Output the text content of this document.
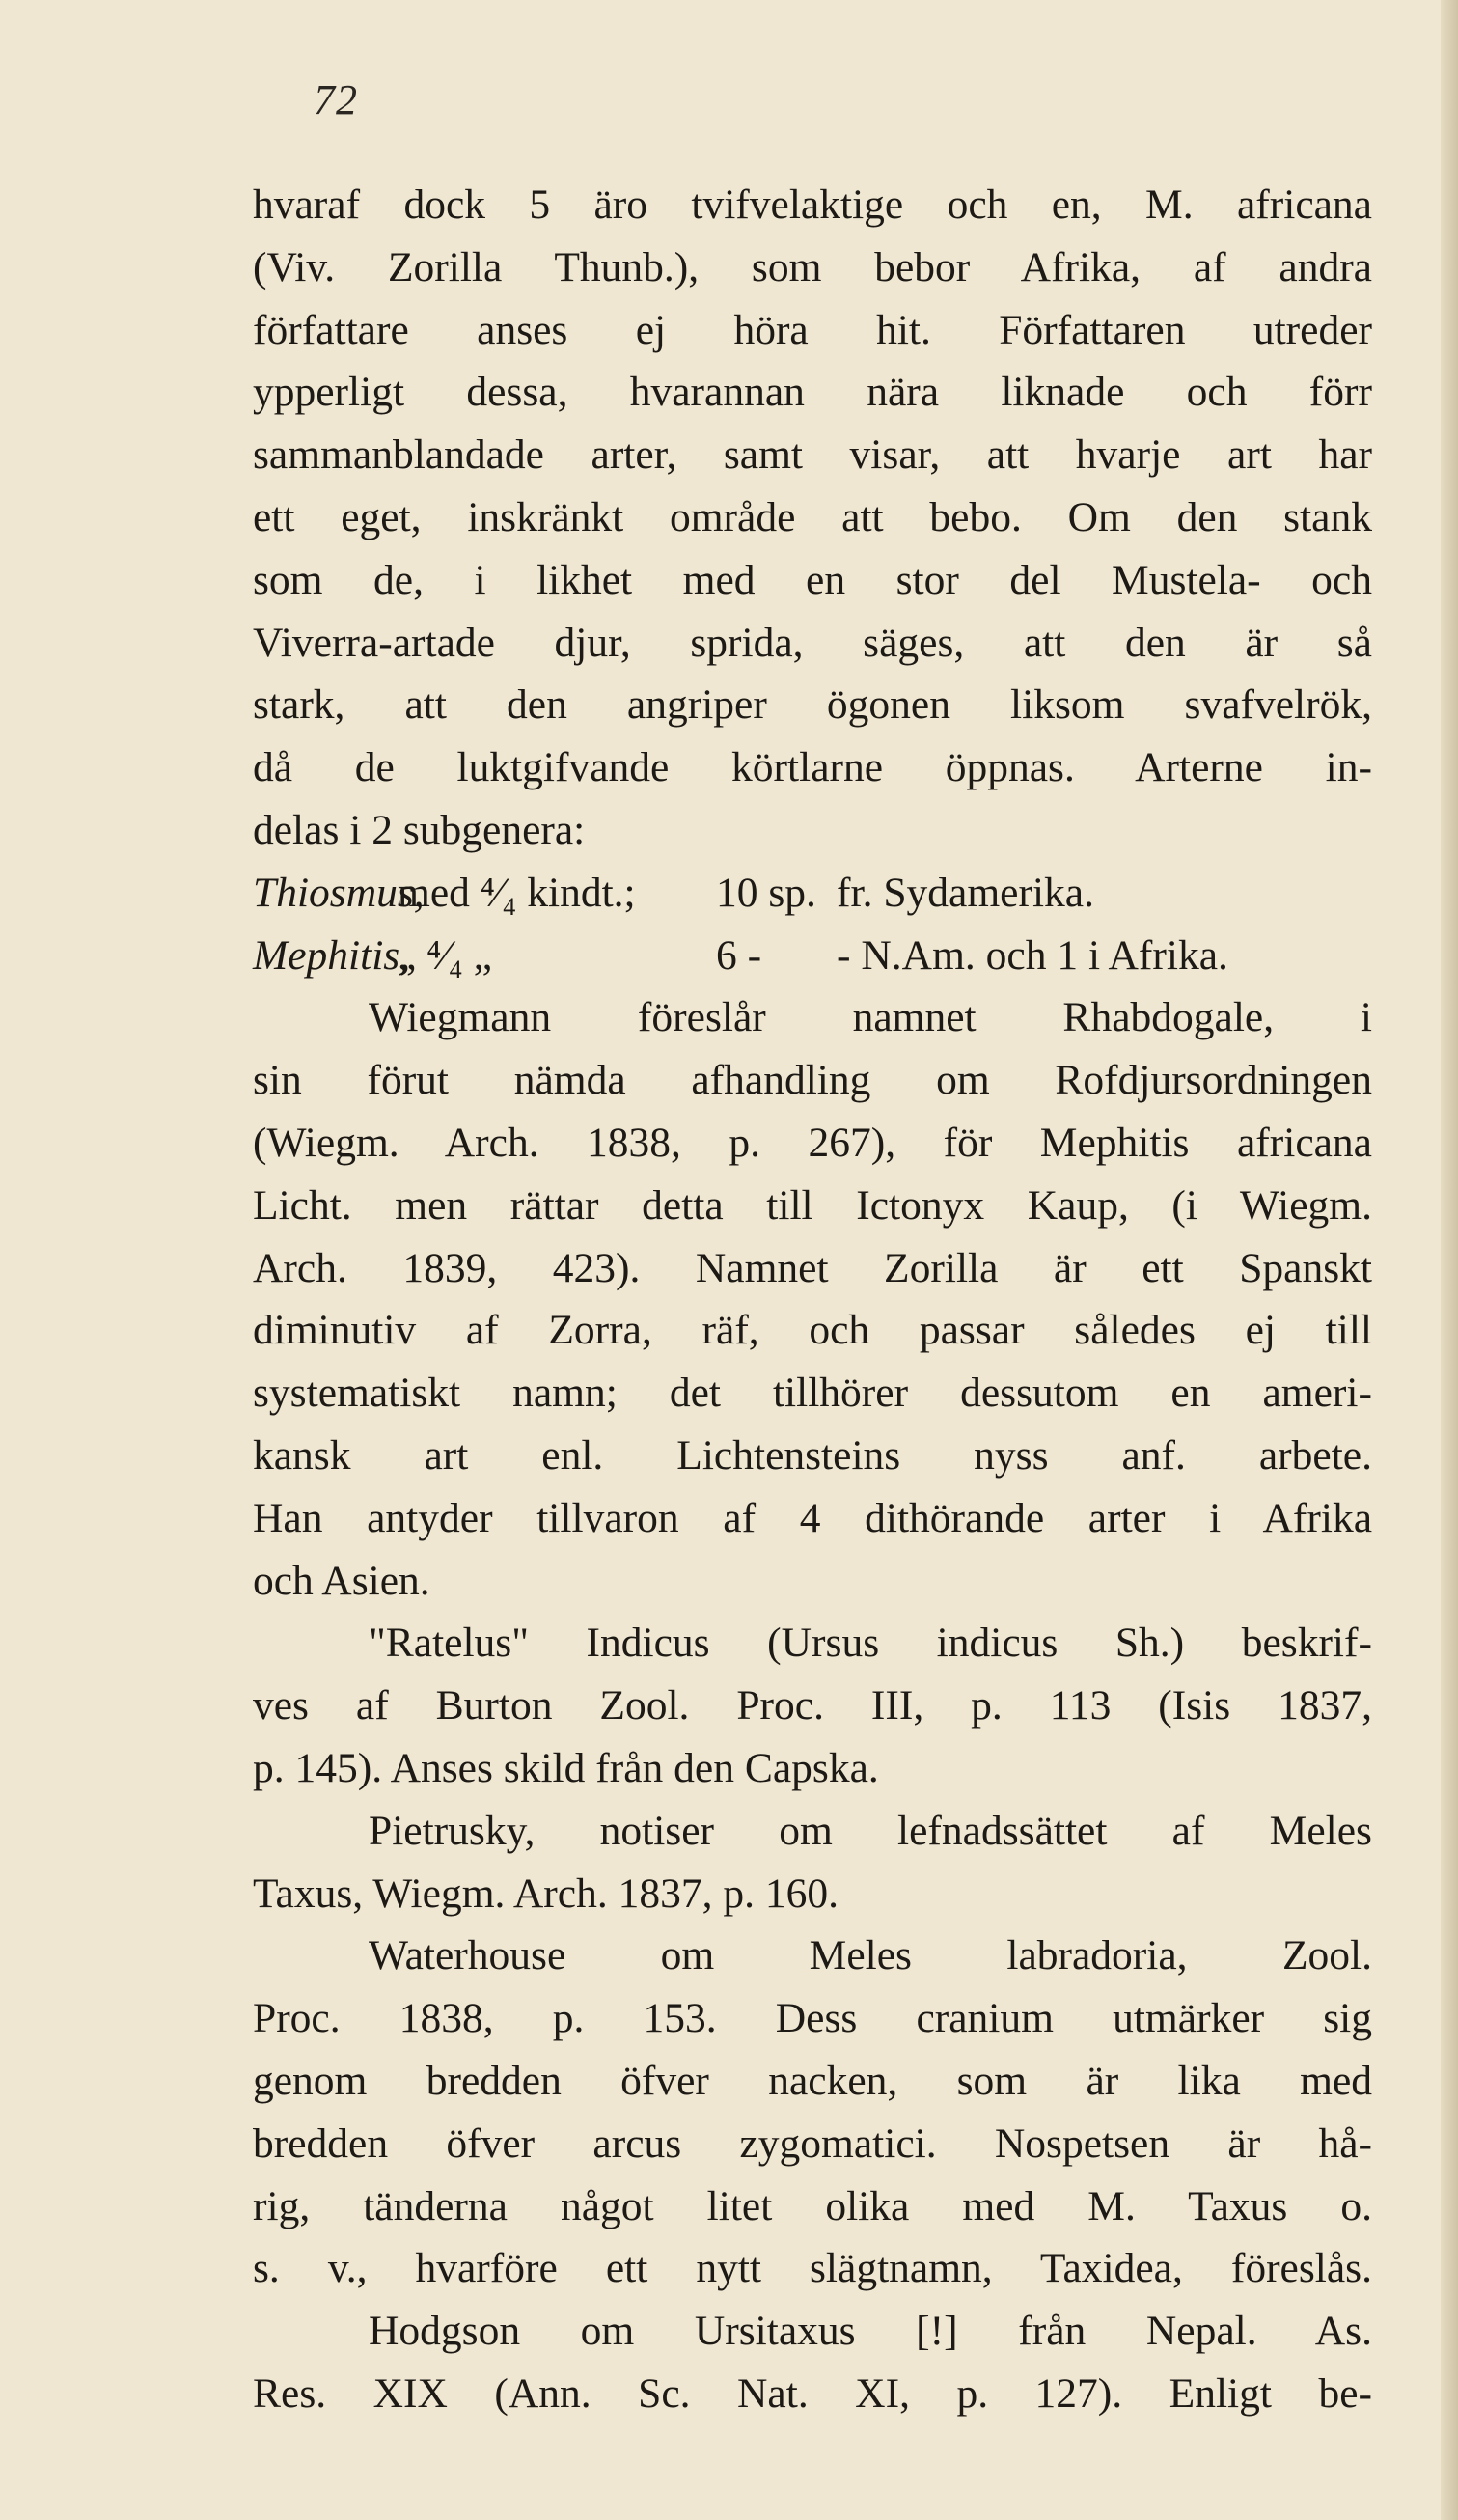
72
hvaraf dock 5 äro tvifvelaktige och en, M. africana
(Viv. Zorilla Thunb.), som bebor Afrika, af andra
författare anses ej höra hit. Författaren utreder
ypperligt dessa, hvarannan nära liknade och förr
sammanblandade arter, samt visar, att hvarje art har
ett eget, inskränkt område att bebo. Om den stank
som de, i likhet med en stor del Mustela- och
Viverra-artade djur, sprida, säges, att den är så
stark, att den angriper ögonen liksom svafvelrök,
då de luktgifvande körtlarne öppnas. Arterne in-
delas i 2 subgenera:
Thiosmus,med ⁴⁄₄ kindt.; 10 sp. fr. Sydamerika.
Mephitis,„ ⁴⁄₄ „	6 - - N.Am. och 1 i Afrika.
Wiegmann föreslår namnet Rhabdogale, i
sin förut nämda afhandling om Rofdjursordningen
(Wiegm. Arch. 1838, p. 267), för Mephitis africana
Licht. men rättar detta till Ictonyx Kaup, (i Wiegm.
Arch. 1839, 423). Namnet Zorilla är ett Spanskt
diminutiv af Zorra, räf, och passar således ej till
systematiskt namn; det tillhörer dessutom en ameri-
kansk art enl. Lichtensteins nyss anf. arbete.
Han antyder tillvaron af 4 dithörande arter i Afrika
och Asien.
"Ratelus" Indicus (Ursus indicus Sh.) beskrif-
ves af Burton Zool. Proc. III, p. 113 (Isis 1837,
p. 145). Anses skild från den Capska.
Pietrusky, notiser om lefnadssättet af Meles
Taxus, Wiegm. Arch. 1837, p. 160.
Waterhouse om Meles labradoria, Zool.
Proc. 1838, p. 153. Dess cranium utmärker sig
genom bredden öfver nacken, som är lika med
bredden öfver arcus zygomatici. Nospetsen är hå-
rig, tänderna något litet olika med M. Taxus o.
s. v., hvarföre ett nytt slägtnamn, Taxidea, föreslås.
Hodgson om Ursitaxus [!] från Nepal. As.
Res. XIX (Ann. Sc. Nat. XI, p. 127). Enligt be-
